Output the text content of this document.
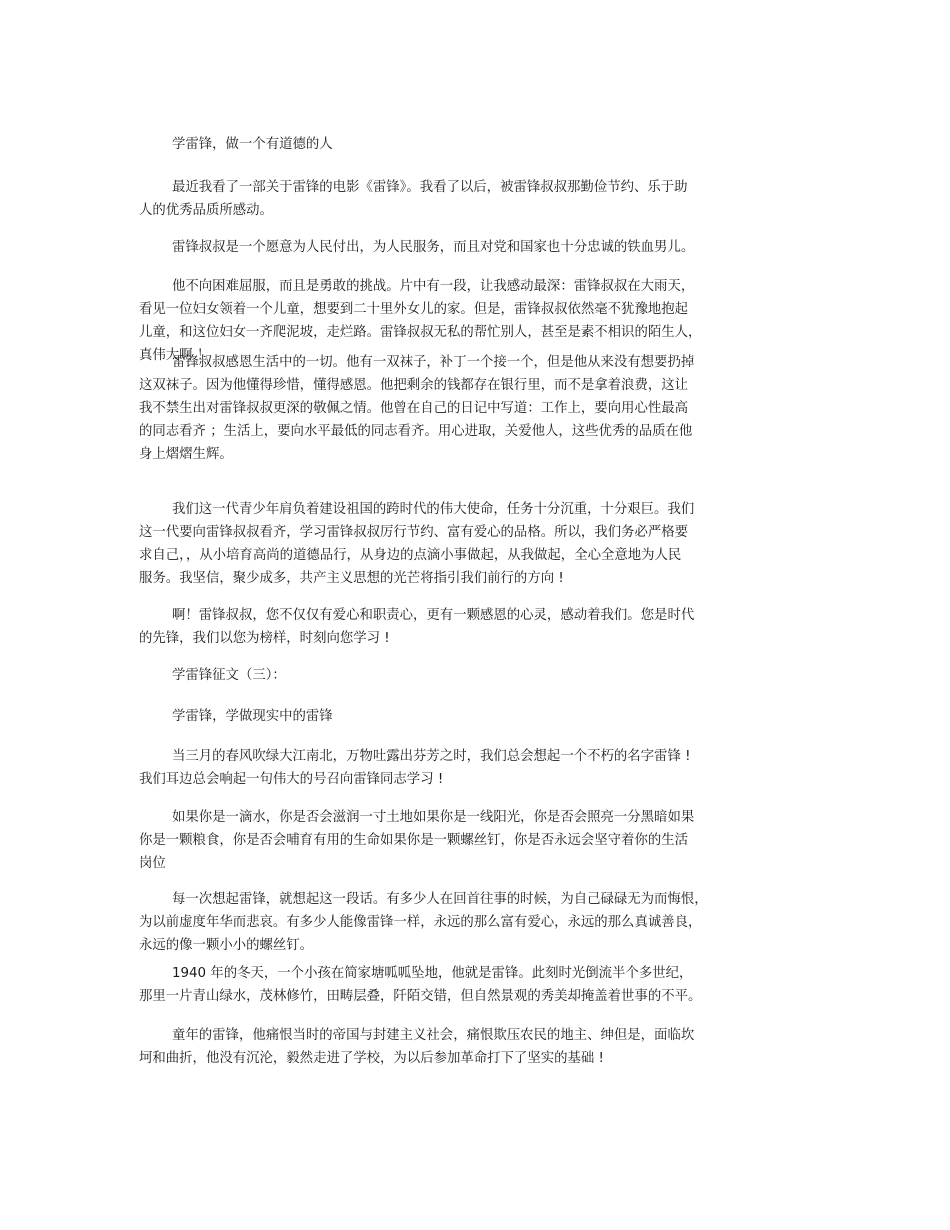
学雷锋，做一个有道德的人
最近我看了一部关于雷锋的电影《雷锋》。我看了以后，被雷锋叔叔那勤俭节约、乐于助
人的优秀品质所感动。
雷锋叔叔是一个愿意为人民付出，为人民服务，而且对党和国家也十分忠诚的铁血男儿。
他不向困难屈服，而且是勇敢的挑战。片中有一段，让我感动最深：雷锋叔叔在大雨天，
看见一位妇女领着一个儿童，想要到二十里外女儿的家。但是，雷锋叔叔依然毫不犹豫地抱起
儿童，和这位妇女一齐爬泥坡，走烂路。雷锋叔叔无私的帮忙别人，甚至是素不相识的陌生人，
真伟大啊 ！
雷锋叔叔感恩生活中的一切。他有一双袜子，补丁一个接一个，但是他从来没有想要扔掉
这双袜子。因为他懂得珍惜，懂得感恩。他把剩余的钱都存在银行里，而不是拿着浪费，这让
我不禁生出对雷锋叔叔更深的敬佩之情。他曾在自己的日记中写道：工作上，要向用心性最高
的同志看齐 ；生活上，要向水平最低的同志看齐。用心进取，关爱他人，这些优秀的品质在他
身上熠熠生辉。
我们这一代青少年肩负着建设祖国的跨时代的伟大使命，任务十分沉重，十分艰巨。我们
这一代要向雷锋叔叔看齐，学习雷锋叔叔厉行节约、富有爱心的品格。所以，我们务必严格要
求自己，，从小培育高尚的道德品行，从身边的点滴小事做起，从我做起，全心全意地为人民
服务。我坚信，聚少成多，共产主义思想的光芒将指引我们前行的方向 !
啊！雷锋叔叔，您不仅仅有爱心和职责心，更有一颗感恩的心灵，感动着我们。您是时代
的先锋，我们以您为榜样，时刻向您学习 !
学雷锋征文（三）：
学雷锋，学做现实中的雷锋
当三月的春风吹绿大江南北，万物吐露出芬芳之时，我们总会想起一个不朽的名字雷锋 !
我们耳边总会响起一句伟大的号召向雷锋同志学习 !
如果你是一滴水，你是否会滋润一寸土地如果你是一线阳光，你是否会照亮一分黑暗如果
你是一颗粮食，你是否会哺育有用的生命如果你是一颗螺丝钉，你是否永远会坚守着你的生活
岗位
每一次想起雷锋，就想起这一段话。有多少人在回首往事的时候，为自己碌碌无为而悔恨，
为以前虚度年华而悲哀。有多少人能像雷锋一样，永远的那么富有爱心，永远的那么真诚善良，
永远的像一颗小小的螺丝钉。
1940 年的冬天，一个小孩在简家塘呱呱坠地，他就是雷锋。此刻时光倒流半个多世纪，
那里一片青山绿水，茂林修竹，田畴层叠，阡陌交错，但自然景观的秀美却掩盖着世事的不平。
童年的雷锋，他痛恨当时的帝国与封建主义社会，痛恨欺压农民的地主、绅但是，面临坎
坷和曲折，他没有沉沦，毅然走进了学校，为以后参加革命打下了坚实的基础 !
